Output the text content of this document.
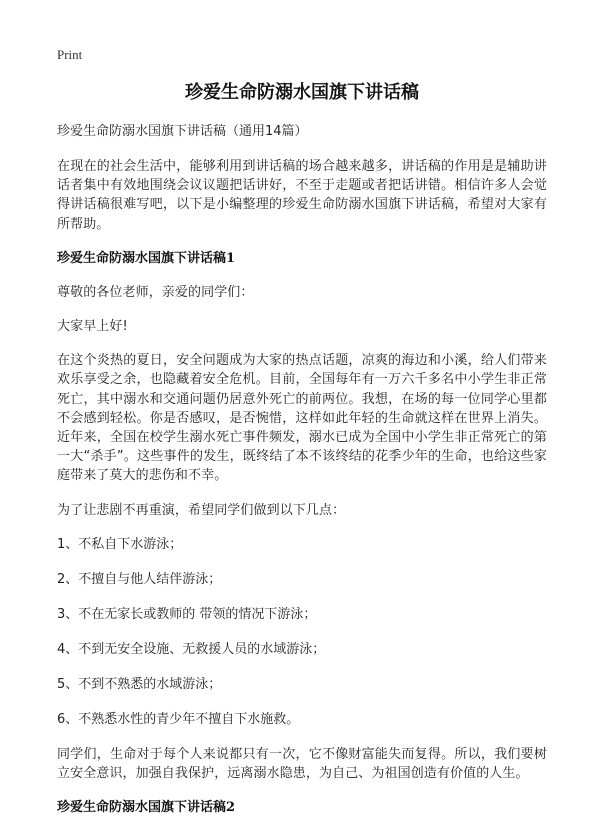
Print
珍爱生命防溺水国旗下讲话稿

珍爱生命防溺水国旗下讲话稿（通用14篇）

在现在的社会生活中，能够利用到讲话稿的场合越来越多，讲话稿的作用是是辅助讲话者集中有效地围绕会议议题把话讲好，不至于走题或者把话讲错。相信许多人会觉得讲话稿很难写吧，以下是小编整理的珍爱生命防溺水国旗下讲话稿，希望对大家有所帮助。

珍爱生命防溺水国旗下讲话稿1

尊敬的各位老师，亲爱的同学们：

大家早上好!

在这个炎热的夏日，安全问题成为大家的热点话题，凉爽的海边和小溪，给人们带来欢乐享受之余，也隐藏着安全危机。目前，全国每年有一万六千多名中小学生非正常死亡，其中溺水和交通问题仍居意外死亡的前两位。我想，在场的每一位同学心里都不会感到轻松。你是否感叹，是否惋惜，这样如此年轻的生命就这样在世界上消失。近年来，全国在校学生溺水死亡事件频发，溺水已成为全国中小学生非正常死亡的第一大“杀手”。这些事件的发生，既终结了本不该终结的花季少年的生命，也给这些家庭带来了莫大的悲伤和不幸。

为了让悲剧不再重演，希望同学们做到以下几点：

1、不私自下水游泳；
2、不擅自与他人结伴游泳；
3、不在无家长或教师的 带领的情况下游泳；
4、不到无安全设施、无救援人员的水域游泳；
5、不到不熟悉的水域游泳；
6、不熟悉水性的青少年不擅自下水施救。

同学们，生命对于每个人来说都只有一次，它不像财富能失而复得。所以，我们要树立安全意识，加强自我保护，远离溺水隐患，为自己、为祖国创造有价值的人生。

珍爱生命防溺水国旗下讲话稿2
